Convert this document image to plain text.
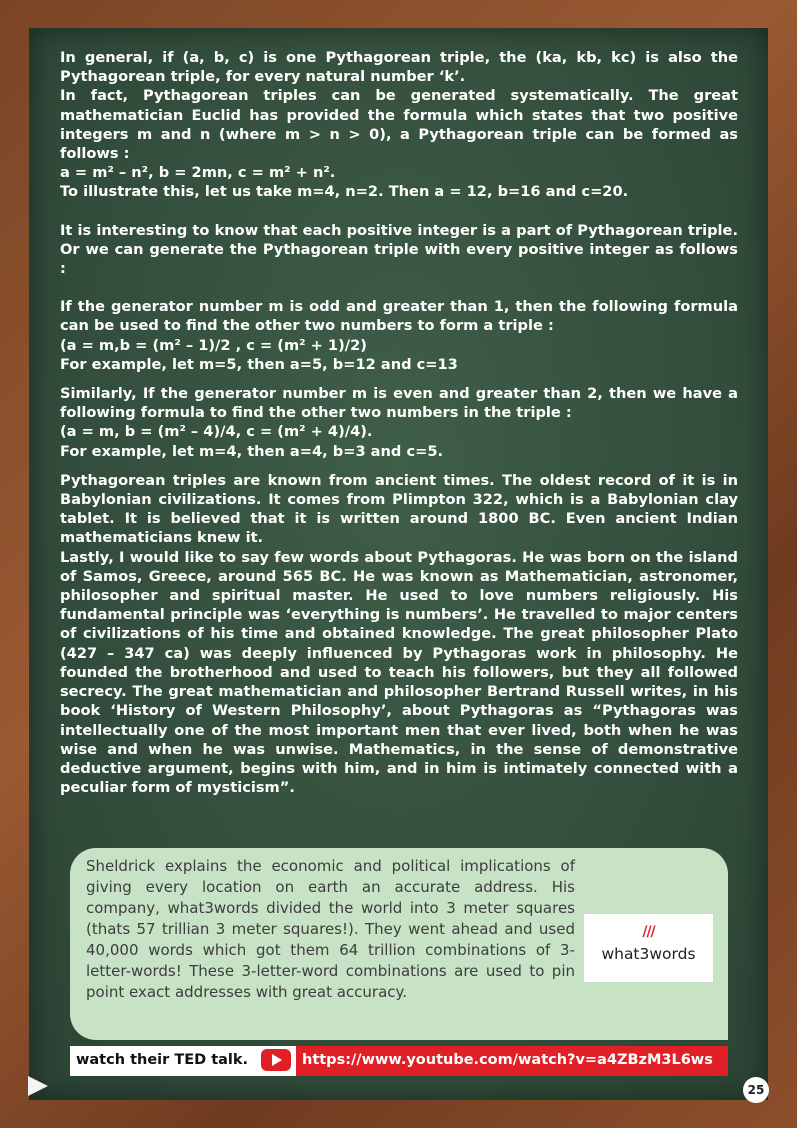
In general, if (a, b, c) is one Pythagorean triple, the (ka, kb, kc) is also the Pythagorean triple, for every natural number ‘k’.

In fact, Pythagorean triples can be generated systematically. The great mathematician Euclid has provided the formula which states that two positive integers m and n (where m > n > 0), a Pythagorean triple can be formed as follows :

a = m² – n², b = 2mn, c = m² + n².

To illustrate this, let us take m=4, n=2. Then a = 12, b=16 and c=20.

It is interesting to know that each positive integer is a part of Pythagorean triple. Or we can generate the Pythagorean triple with every positive integer as follows :

If the generator number m is odd and greater than 1, then the following formula can be used to find the other two numbers to form a triple :

(a = m,b = (m² – 1)/2 , c = (m² + 1)/2)

For example, let m=5, then a=5, b=12 and c=13

Similarly, If the generator number m is even and greater than 2, then we have a following formula to find the other two numbers in the triple :

(a = m, b = (m² – 4)/4, c = (m² + 4)/4).

For example, let m=4, then a=4, b=3 and c=5.

Pythagorean triples are known from ancient times. The oldest record of it is in Babylonian civilizations. It comes from Plimpton 322, which is a Babylonian clay tablet. It is believed that it is written around 1800 BC. Even ancient Indian mathematicians knew it.

Lastly, I would like to say few words about Pythagoras. He was born on the island of Samos, Greece, around 565 BC. He was known as Mathematician, astronomer, philosopher and spiritual master. He used to love numbers religiously. His fundamental principle was ‘everything is numbers’. He travelled to major centers of civilizations of his time and obtained knowledge. The great philosopher Plato (427 – 347 ca) was deeply influenced by Pythagoras work in philosophy. He founded the brotherhood and used to teach his followers, but they all followed secrecy. The great mathematician and philosopher Bertrand Russell writes, in his book ‘History of Western Philosophy’, about Pythagoras as “Pythagoras was intellectually one of the most important men that ever lived, both when he was wise and when he was unwise. Mathematics, in the sense of demonstrative deductive argument, begins with him, and in him is intimately connected with a peculiar form of mysticism”.

Sheldrick explains the economic and political implications of giving every location on earth an accurate address. His company, what3words divided the world into 3 meter squares (thats 57 trillian 3 meter squares!). They went ahead and used 40,000 words which got them 64 trillion combinations of 3-letter-words! These 3-letter-word combinations are used to pin point exact addresses with great accuracy.
///
what3words
watch their TED talk.	https://www.youtube.com/watch?v=a4ZBzM3L6ws
25
